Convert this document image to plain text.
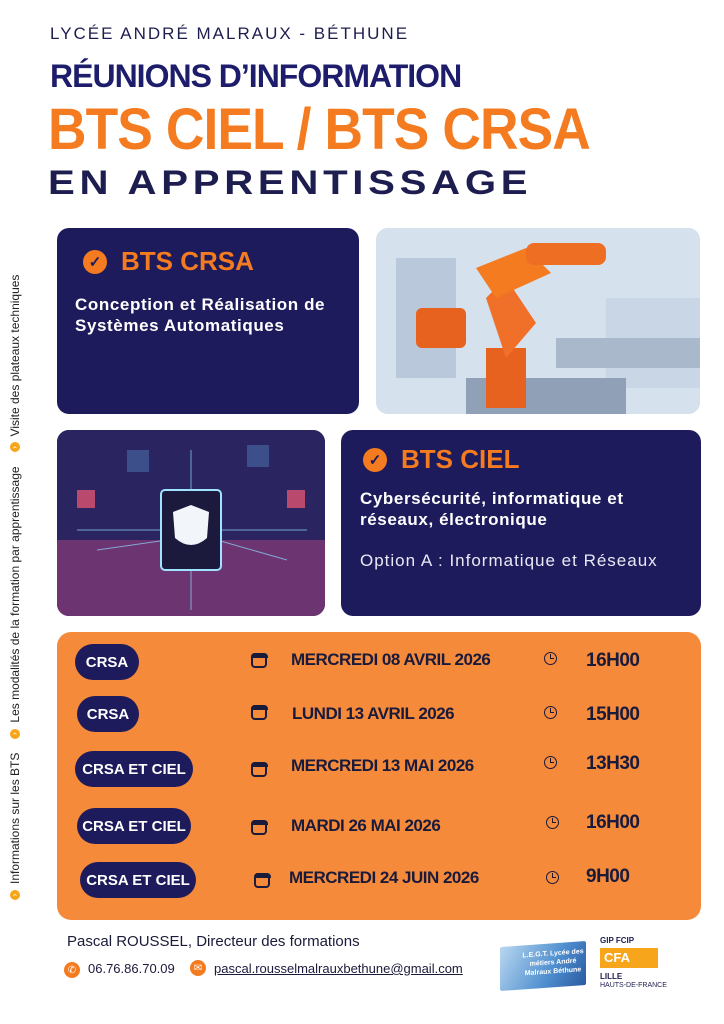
LYCÉE ANDRÉ MALRAUX - BÉTHUNE
RÉUNIONS D’INFORMATION
BTS CIEL / BTS CRSA
EN APPRENTISSAGE
›
Informations sur les BTS
›
Les modalités de la formation par apprentissage
›
Visite des plateaux techniques
✓ BTS CRSA
Conception et Réalisation de Systèmes Automatiques
✓ BTS CIEL
Cybersécurité, informatique et réseaux, électronique
Option A : Informatique et Réseaux
CRSA	MERCREDI 08 AVRIL 2026	16H00
CRSA	LUNDI 13 AVRIL 2026	15H00
CRSA ET CIEL	MERCREDI 13 MAI 2026	13H30
CRSA ET CIEL	MARDI 26 MAI 2026	16H00
CRSA ET CIEL	MERCREDI 24 JUIN 2026	9H00
Pascal ROUSSEL, Directeur des formations
✆ 06.76.86.70.09	✉ pascal.rousselmalrauxbethune@gmail.com
L.E.G.T. Lycée des métiers André Malraux Béthune
GIP FCIP
CFA
LILLE
HAUTS-DE-FRANCE
